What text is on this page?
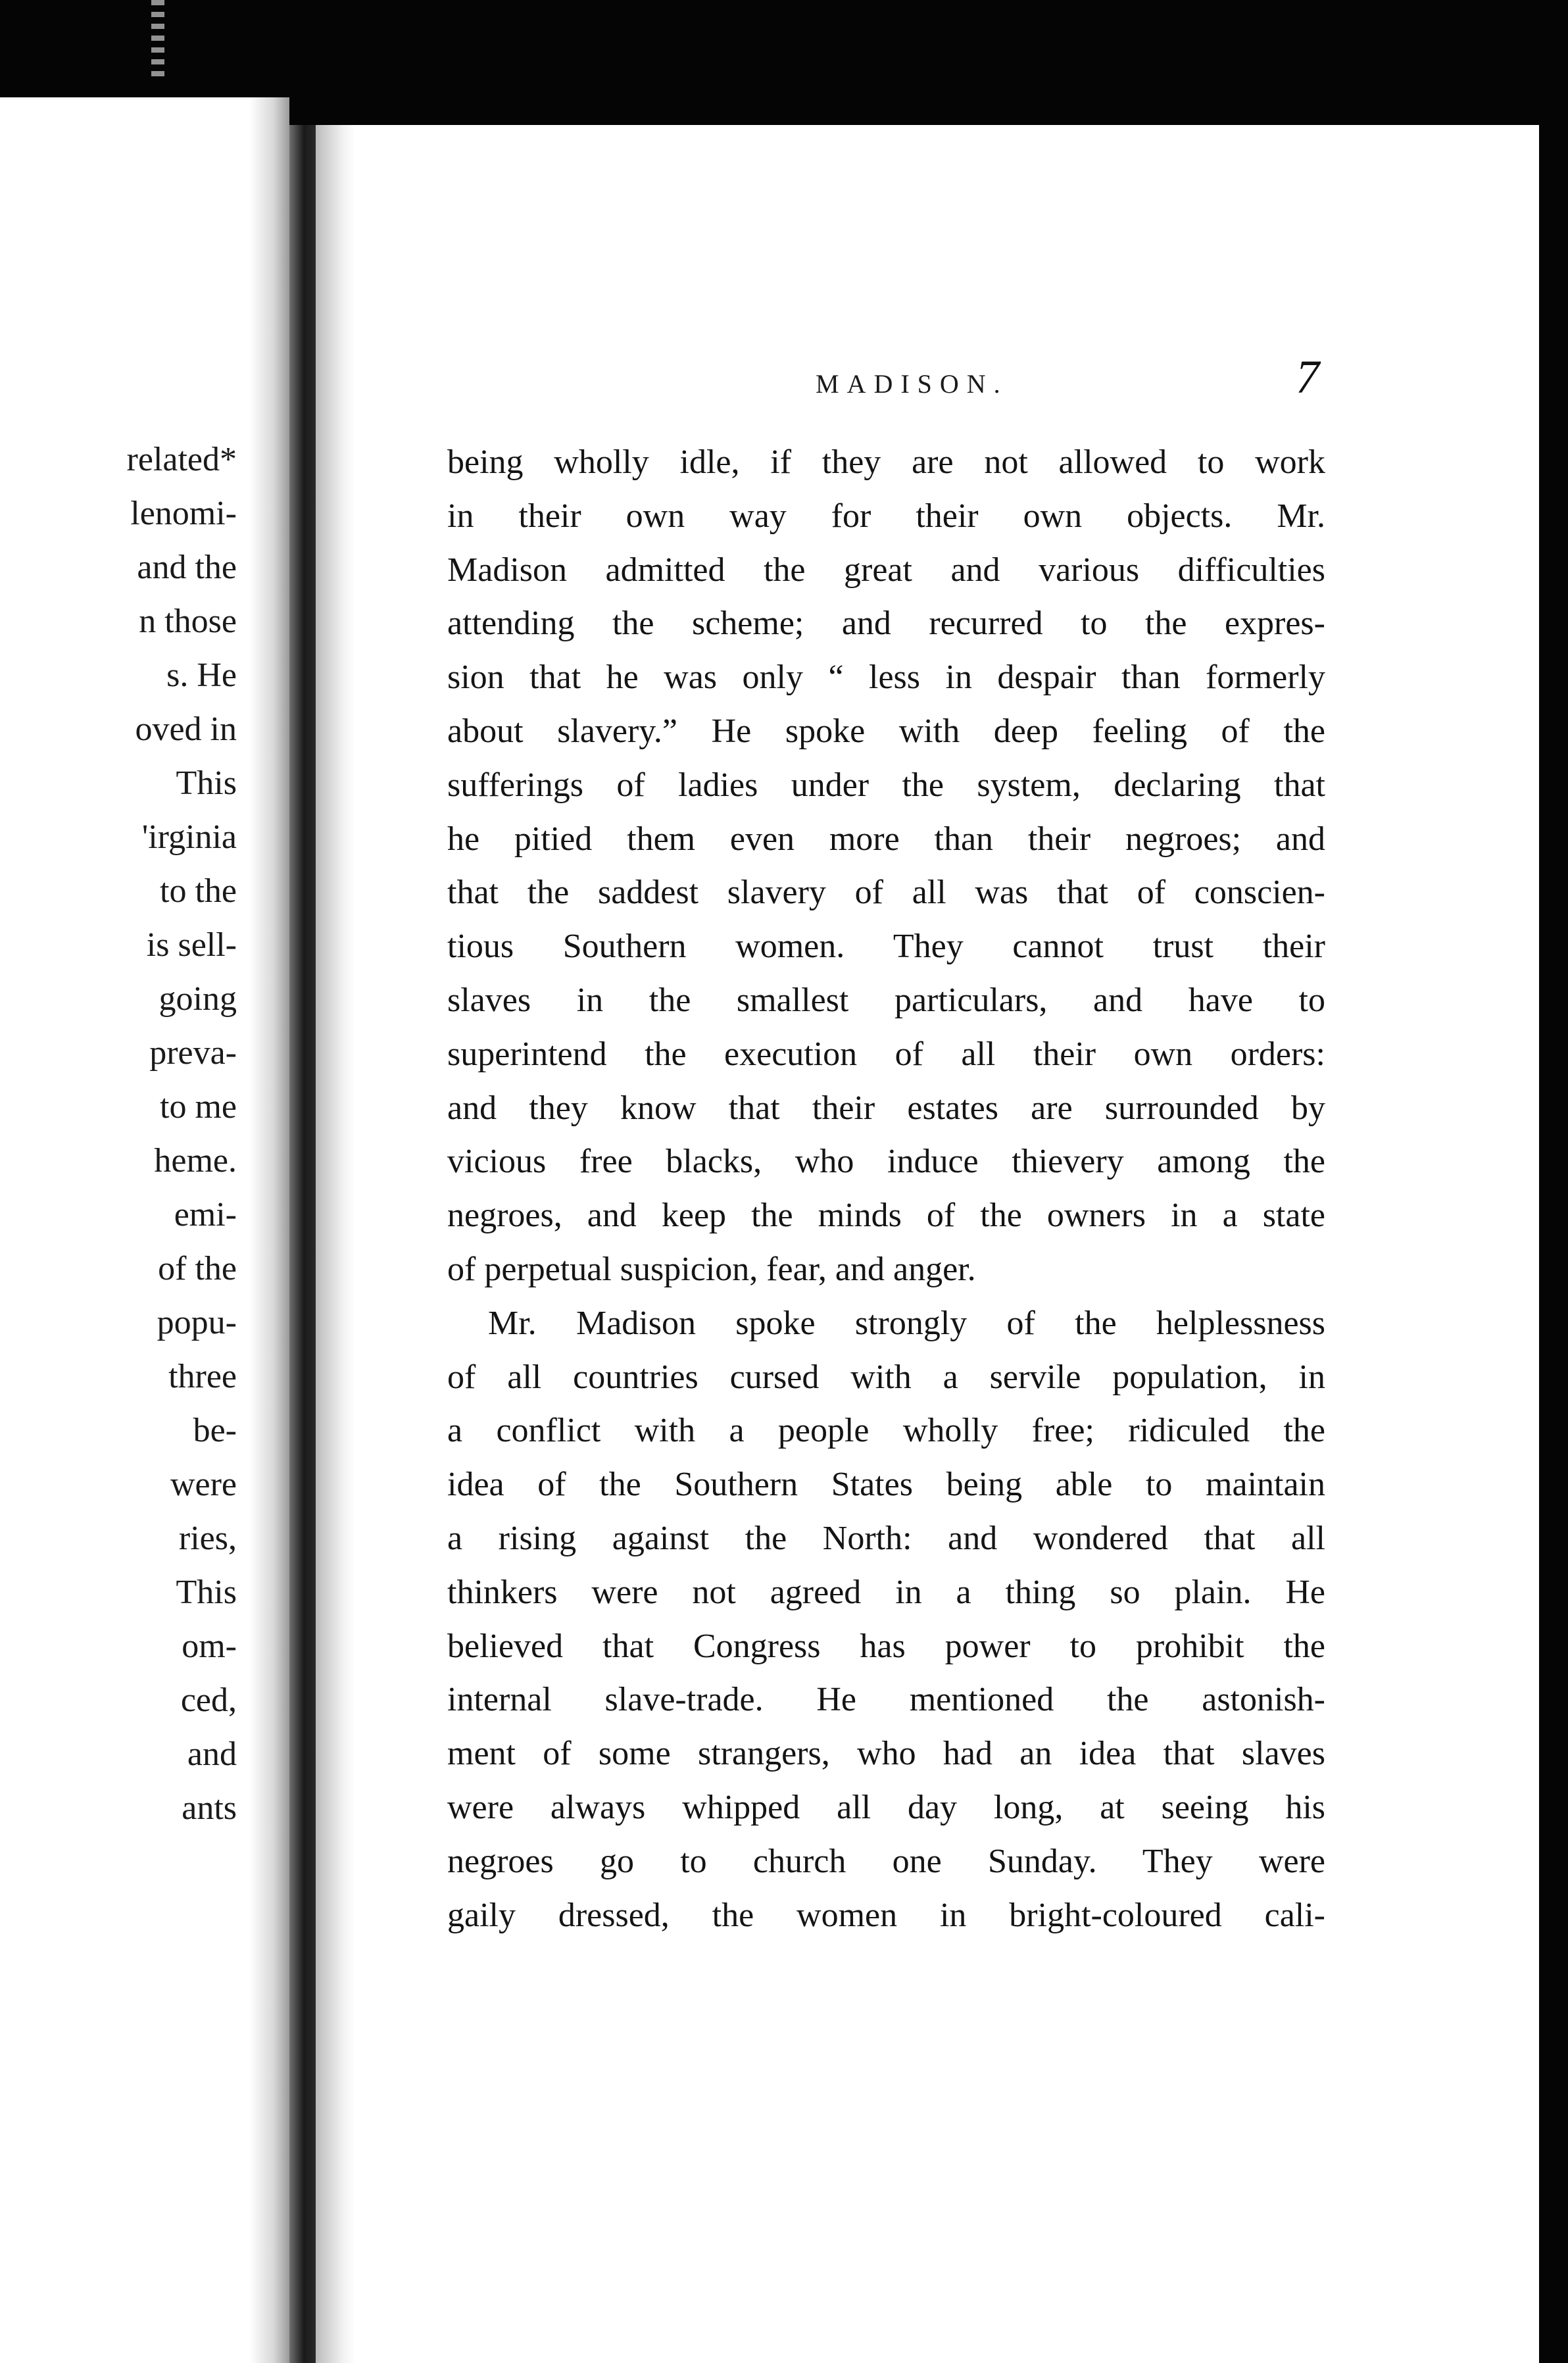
related*
lenomi-
and the
n those
s. He
oved in
This
'irginia
to the
is sell-
going
preva-
to me
heme.
emi-
of the
popu-
three
be-
were
ries,
This
om-
ced,
and
ants
MADISON.	7
being wholly idle, if they are not allowed to work
in their own way for their own objects. Mr.
Madison admitted the great and various difficulties
attending the scheme; and recurred to the expres-
sion that he was only “ less in despair than formerly
about slavery.” He spoke with deep feeling of the
sufferings of ladies under the system, declaring that
he pitied them even more than their negroes; and
that the saddest slavery of all was that of conscien-
tious Southern women. They cannot trust their
slaves in the smallest particulars, and have to
superintend the execution of all their own orders:
and they know that their estates are surrounded by
vicious free blacks, who induce thievery among the
negroes, and keep the minds of the owners in a state
of perpetual suspicion, fear, and anger.
Mr. Madison spoke strongly of the helplessness
of all countries cursed with a servile population, in
a conflict with a people wholly free; ridiculed the
idea of the Southern States being able to maintain
a rising against the North: and wondered that all
thinkers were not agreed in a thing so plain. He
believed that Congress has power to prohibit the
internal slave-trade. He mentioned the astonish-
ment of some strangers, who had an idea that slaves
were always whipped all day long, at seeing his
negroes go to church one Sunday. They were
gaily dressed, the women in bright-coloured cali-
